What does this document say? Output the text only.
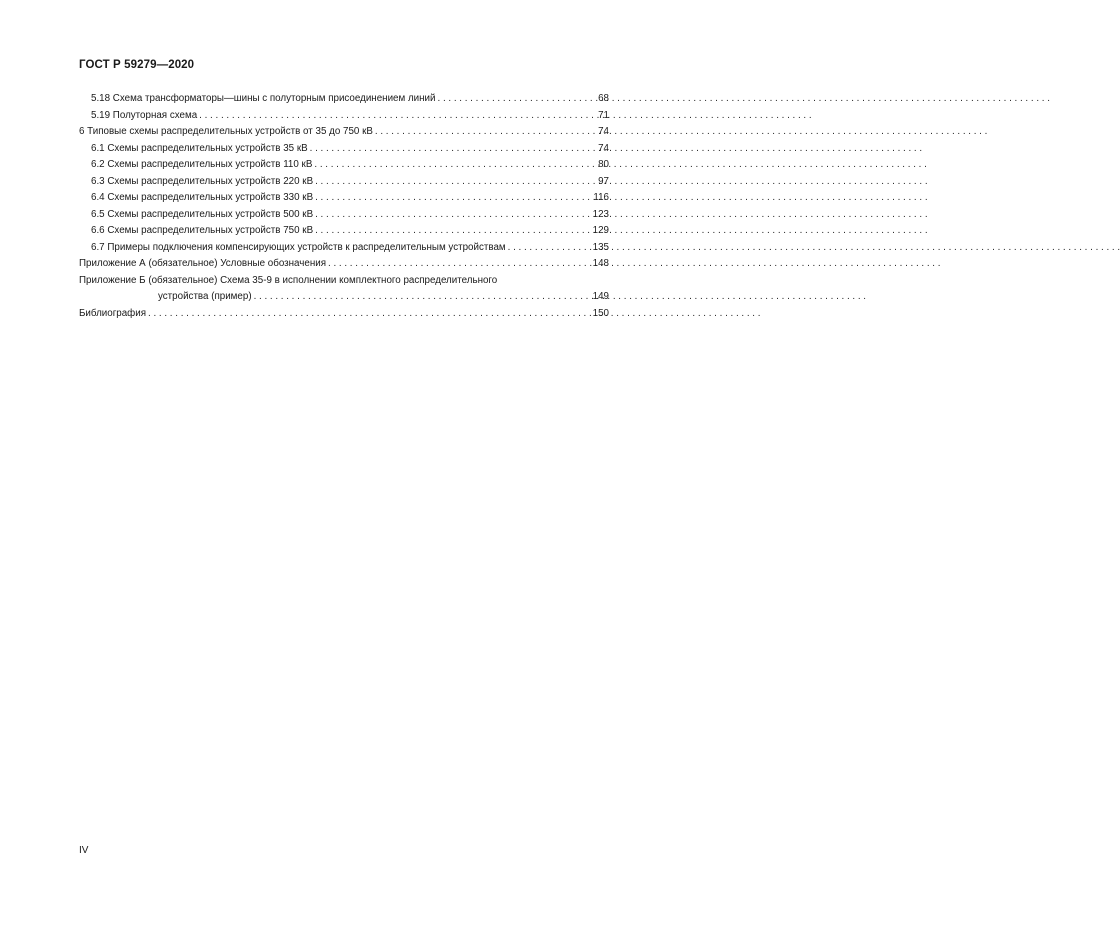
ГОСТ Р 59279—2020
5.18 Схема трансформаторы—шины с полуторным присоединением линий . . .	68
5.19 Полуторная схема . . .	71
6 Типовые схемы распределительных устройств от 35 до 750 кВ . . .	74
6.1 Схемы распределительных устройств 35 кВ . . .	74
6.2 Схемы распределительных устройств 110 кВ . . .	80
6.3 Схемы распределительных устройств 220 кВ . . .	97
6.4 Схемы распределительных устройств 330 кВ . . .	116
6.5 Схемы распределительных устройств 500 кВ . . .	123
6.6 Схемы распределительных устройств 750 кВ . . .	129
6.7 Примеры подключения компенсирующих устройств к распределительным устройствам . . .	135
Приложение А (обязательное) Условные обозначения . . .	148
Приложение Б (обязательное) Схема 35-9 в исполнении комплектного распределительного
устройства (пример) . . .	149
Библиография . . .	150
IV
